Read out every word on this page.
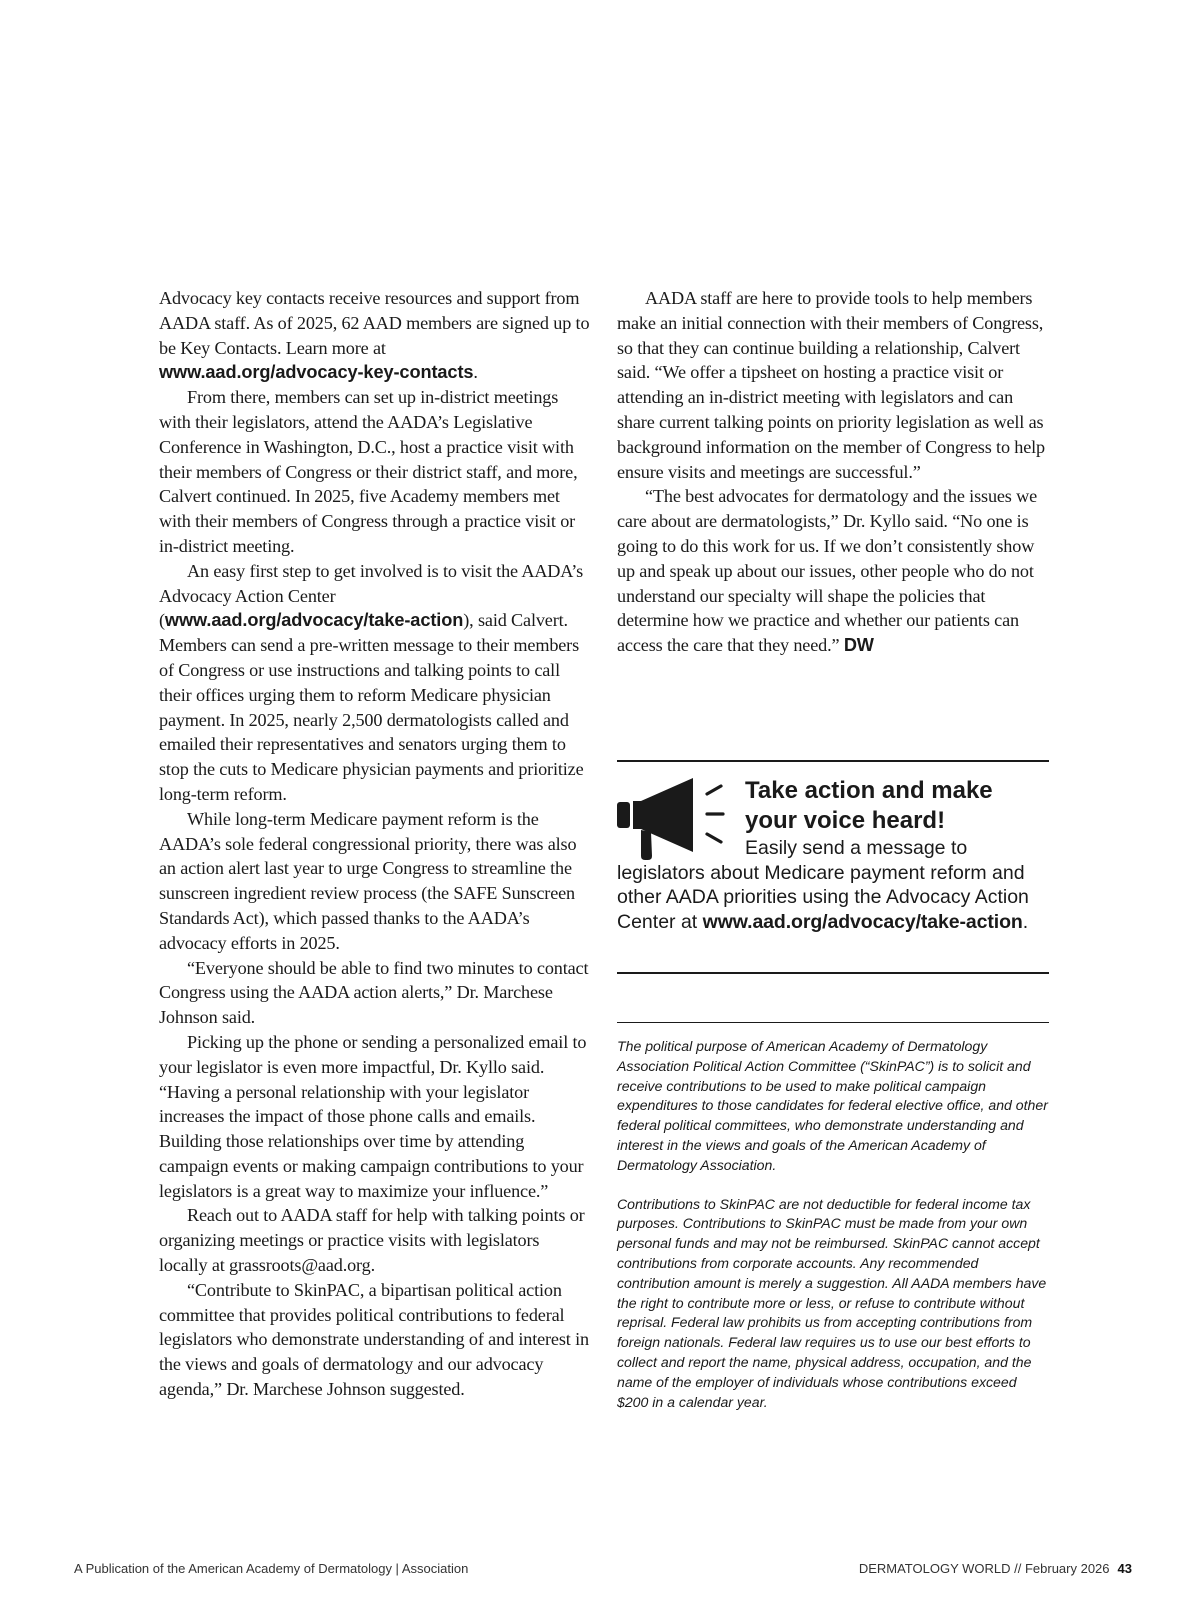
Advocacy key contacts receive resources and support from AADA staff. As of 2025, 62 AAD members are signed up to be Key Contacts. Learn more at www.aad.org/advocacy-key-contacts.

From there, members can set up in-district meetings with their legislators, attend the AADA’s Legislative Conference in Washington, D.C., host a practice visit with their members of Congress or their district staff, and more, Calvert continued. In 2025, five Academy members met with their members of Congress through a practice visit or in-district meeting.

An easy first step to get involved is to visit the AADA’s Advocacy Action Center (www.aad.org/advocacy/take-action), said Calvert. Members can send a pre-written message to their members of Congress or use instructions and talking points to call their offices urging them to reform Medicare physician payment. In 2025, nearly 2,500 dermatologists called and emailed their representatives and senators urging them to stop the cuts to Medicare physician payments and prioritize long-term reform.

While long-term Medicare payment reform is the AADA’s sole federal congressional priority, there was also an action alert last year to urge Congress to streamline the sunscreen ingredient review process (the SAFE Sunscreen Standards Act), which passed thanks to the AADA’s advocacy efforts in 2025.

“Everyone should be able to find two minutes to contact Congress using the AADA action alerts,” Dr. Marchese Johnson said.

Picking up the phone or sending a personalized email to your legislator is even more impactful, Dr. Kyllo said. “Having a personal relationship with your legislator increases the impact of those phone calls and emails. Building those relationships over time by attending campaign events or making campaign contributions to your legislators is a great way to maximize your influence.”

Reach out to AADA staff for help with talking points or organizing meetings or practice visits with legislators locally at grassroots@aad.org.

“Contribute to SkinPAC, a bipartisan political action committee that provides political contributions to federal legislators who demonstrate understanding of and interest in the views and goals of dermatology and our advocacy agenda,” Dr. Marchese Johnson suggested.

AADA staff are here to provide tools to help members make an initial connection with their members of Congress, so that they can continue building a relationship, Calvert said. “We offer a tipsheet on hosting a practice visit or attending an in-district meeting with legislators and can share current talking points on priority legislation as well as background information on the member of Congress to help ensure visits and meetings are successful.”

“The best advocates for dermatology and the issues we care about are dermatologists,” Dr. Kyllo said. “No one is going to do this work for us. If we don’t consistently show up and speak up about our issues, other people who do not understand our specialty will shape the policies that determine how we practice and whether our patients can access the care that they need.” DW

Take action and make your voice heard!

Easily send a message to
legislators about Medicare payment reform and other AADA priorities using the Advocacy Action Center at www.aad.org/advocacy/take-action.

The political purpose of American Academy of Dermatology Association Political Action Committee (“SkinPAC”) is to solicit and receive contributions to be used to make political campaign expenditures to those candidates for federal elective office, and other federal political committees, who demonstrate understanding and interest in the views and goals of the American Academy of Dermatology Association.

Contributions to SkinPAC are not deductible for federal income tax purposes. Contributions to SkinPAC must be made from your own personal funds and may not be reimbursed. SkinPAC cannot accept contributions from corporate accounts. Any recommended contribution amount is merely a suggestion. All AADA members have the right to contribute more or less, or refuse to contribute without reprisal. Federal law prohibits us from accepting contributions from foreign nationals. Federal law requires us to use our best efforts to collect and report the name, physical address, occupation, and the name of the employer of individuals whose contributions exceed $200 in a calendar year.

A Publication of the American Academy of Dermatology | Association	DERMATOLOGY WORLD // February 2026 43
